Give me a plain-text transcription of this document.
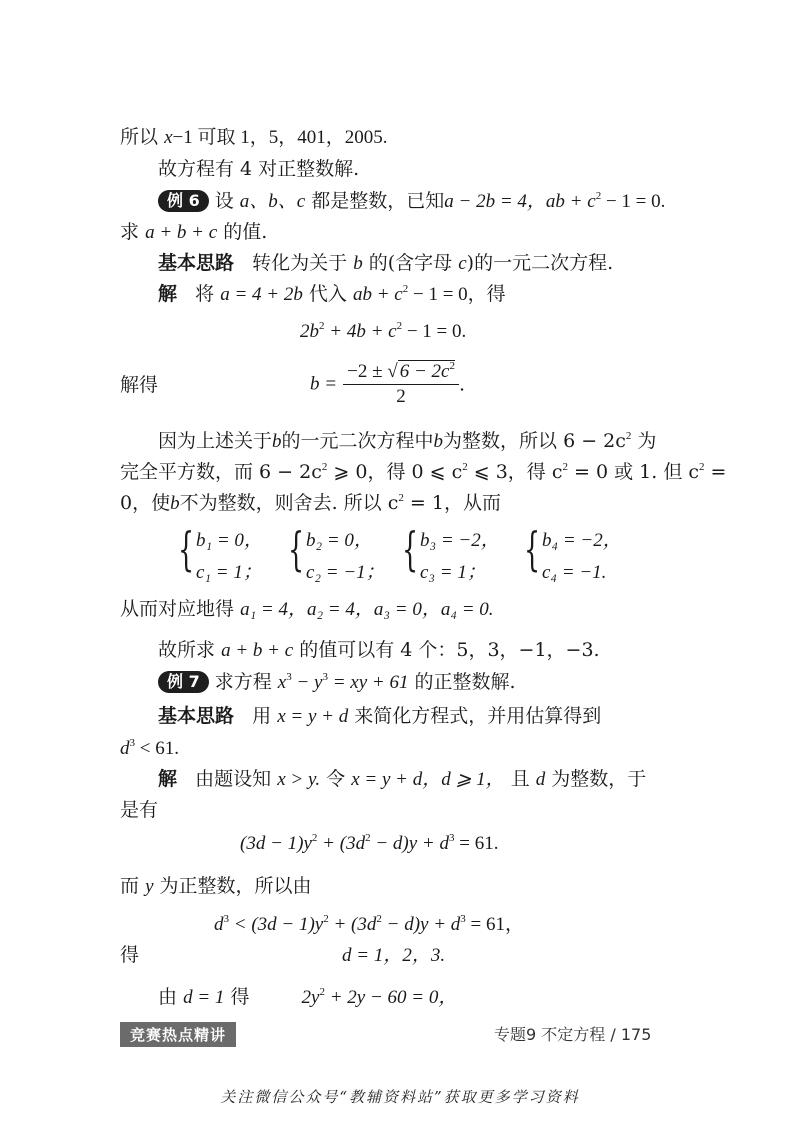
所以 x−1 可取 1，5，401，2005.
故方程有 4 对正整数解.
例 6 设 a、b、c 都是整数，已知a − 2b = 4，ab + $c^2 - 1 = 0$.
求 a + b + c 的值.
基本思路 转化为关于 b 的(含字母 c)的一元二次方程.
解 将 a = 4 + 2b 代入 ab + $c^2 - 1 = 0$，得
$2b^2 + 4b + c^2 - 1 = 0$.
解得	$b = \frac{-2 \pm √ 6 - 2c^2}{2}$ .
因为上述关于b的一元二次方程中b为整数，所以 $6 - 2c^2$ 为
完全平方数，而 $6 - 2c^2$ ⩾ 0，得 0 ⩽ $c^2$ ⩽ 3，得 $c^2 = 0$ 或 1. 但 $c^2$ =
0，使b不为整数，则舍去. 所以 $c^2 = 1$，从而
{ b₁ = 0，
c₁ = 1； { b₂ = 0，
c₂ = −1； { b₃ = −2，
c₃ = 1； { b₄ = −2，
c₄ = −1.
从而对应地得 a₁ = 4，a₂ = 4，a₃ = 0，a₄ = 0.
故所求 a + b + c 的值可以有 4 个：5，3，−1，−3.
例 7 求方程 $x^3 - y^3$ = xy + 61 的正整数解.
基本思路 用 x = y + d 来简化方程式，并用估算得到
$d^3 < 61$.
解 由题设知 x > y. 令 x = y + d，d ⩾ 1， 且 d 为整数，于
是有
$(3d - 1)y^2 + (3d^2 - d)y + d^3 = 61$.
而 y 为正整数，所以由
$d^3 < (3d - 1)y^2 + (3d^2 - d)y + d^3 = 61$，
得	d = 1，2，3.
由 d = 1 得	$2y^2 + 2y - 60 = 0$，
竞赛热点精讲	专题9 不定方程 / 175
关注微信公众号“教辅资料站”获取更多学习资料
